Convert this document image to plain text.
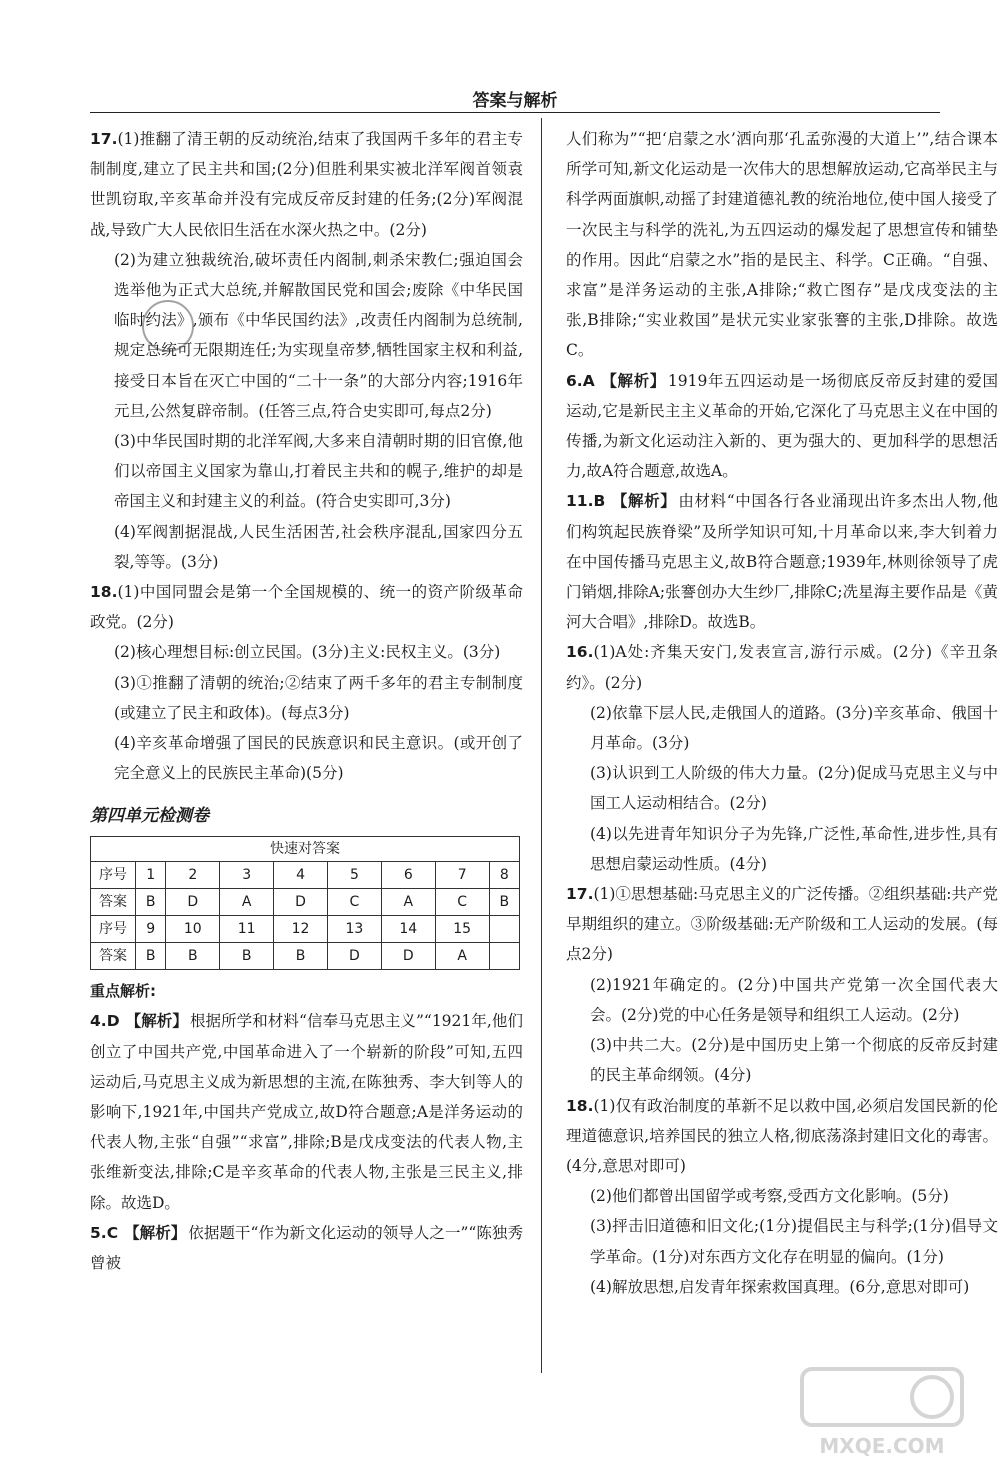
答案与解析
17.(1)推翻了清王朝的反动统治,结束了我国两千多年的君主专制制度,建立了民主共和国;(2分)但胜利果实被北洋军阀首领袁世凯窃取,辛亥革命并没有完成反帝反封建的任务;(2分)军阀混战,导致广大人民依旧生活在水深火热之中。(2分)
(2)为建立独裁统治,破坏责任内阁制,刺杀宋教仁;强迫国会选举他为正式大总统,并解散国民党和国会;废除《中华民国临时约法》,颁布《中华民国约法》,改责任内阁制为总统制,规定总统可无限期连任;为实现皇帝梦,牺牲国家主权和利益,接受日本旨在灭亡中国的“二十一条”的大部分内容;1916年元旦,公然复辟帝制。(任答三点,符合史实即可,每点2分)
(3)中华民国时期的北洋军阀,大多来自清朝时期的旧官僚,他们以帝国主义国家为靠山,打着民主共和的幌子,维护的却是帝国主义和封建主义的利益。(符合史实即可,3分)
(4)军阀割据混战,人民生活困苦,社会秩序混乱,国家四分五裂,等等。(3分)
18.(1)中国同盟会是第一个全国规模的、统一的资产阶级革命政党。(2分)
(2)核心理想目标:创立民国。(3分)主义:民权主义。(3分)
(3)①推翻了清朝的统治;②结束了两千多年的君主专制制度(或建立了民主和政体)。(每点3分)
(4)辛亥革命增强了国民的民族意识和民主意识。(或开创了完全意义上的民族民主革命)(5分)
第四单元检测卷
快速对答案								
序号	1	2	3	4	5	6	7	8
答案	B	D	A	D	C	A	C	B
序号	9	10	11	12	13	14	15	
答案	B	B	B	B	D	D	A	
重点解析:
4.D 【解析】 根据所学和材料“信奉马克思主义”“1921年,他们创立了中国共产党,中国革命进入了一个崭新的阶段”可知,五四运动后,马克思主义成为新思想的主流,在陈独秀、李大钊等人的影响下,1921年,中国共产党成立,故D符合题意;A是洋务运动的代表人物,主张“自强”“求富”,排除;B是戊戌变法的代表人物,主张维新变法,排除;C是辛亥革命的代表人物,主张是三民主义,排除。故选D。
5.C 【解析】 依据题干“作为新文化运动的领导人之一”“陈独秀曾被
人们称为”“把‘启蒙之水’洒向那‘孔孟弥漫的大道上’”,结合课本所学可知,新文化运动是一次伟大的思想解放运动,它高举民主与科学两面旗帜,动摇了封建道德礼教的统治地位,使中国人接受了一次民主与科学的洗礼,为五四运动的爆发起了思想宣传和铺垫的作用。因此“启蒙之水”指的是民主、科学。C正确。“自强、求富”是洋务运动的主张,A排除;“救亡图存”是戊戌变法的主张,B排除;“实业救国”是状元实业家张謇的主张,D排除。故选C。
6.A 【解析】 1919年五四运动是一场彻底反帝反封建的爱国运动,它是新民主主义革命的开始,它深化了马克思主义在中国的传播,为新文化运动注入新的、更为强大的、更加科学的思想活力,故A符合题意,故选A。
11.B 【解析】 由材料“中国各行各业涌现出许多杰出人物,他们构筑起民族脊梁”及所学知识可知,十月革命以来,李大钊着力在中国传播马克思主义,故B符合题意;1939年,林则徐领导了虎门销烟,排除A;张謇创办大生纱厂,排除C;冼星海主要作品是《黄河大合唱》,排除D。故选B。
16.(1)A处:齐集天安门,发表宣言,游行示威。(2分)《辛丑条约》。(2分)
(2)依靠下层人民,走俄国人的道路。(3分)辛亥革命、俄国十月革命。(3分)
(3)认识到工人阶级的伟大力量。(2分)促成马克思主义与中国工人运动相结合。(2分)
(4)以先进青年知识分子为先锋,广泛性,革命性,进步性,具有思想启蒙运动性质。(4分)
17.(1)①思想基础:马克思主义的广泛传播。②组织基础:共产党早期组织的建立。③阶级基础:无产阶级和工人运动的发展。(每点2分)
(2)1921年确定的。(2分)中国共产党第一次全国代表大会。(2分)党的中心任务是领导和组织工人运动。(2分)
(3)中共二大。(2分)是中国历史上第一个彻底的反帝反封建的民主革命纲领。(4分)
18.(1)仅有政治制度的革新不足以救中国,必须启发国民新的伦理道德意识,培养国民的独立人格,彻底荡涤封建旧文化的毒害。(4分,意思对即可)
(2)他们都曾出国留学或考察,受西方文化影响。(5分)
(3)抨击旧道德和旧文化;(1分)提倡民主与科学;(1分)倡导文学革命。(1分)对东西方文化存在明显的偏向。(1分)
(4)解放思想,启发青年探索救国真理。(6分,意思对即可)
MXQE.COM
